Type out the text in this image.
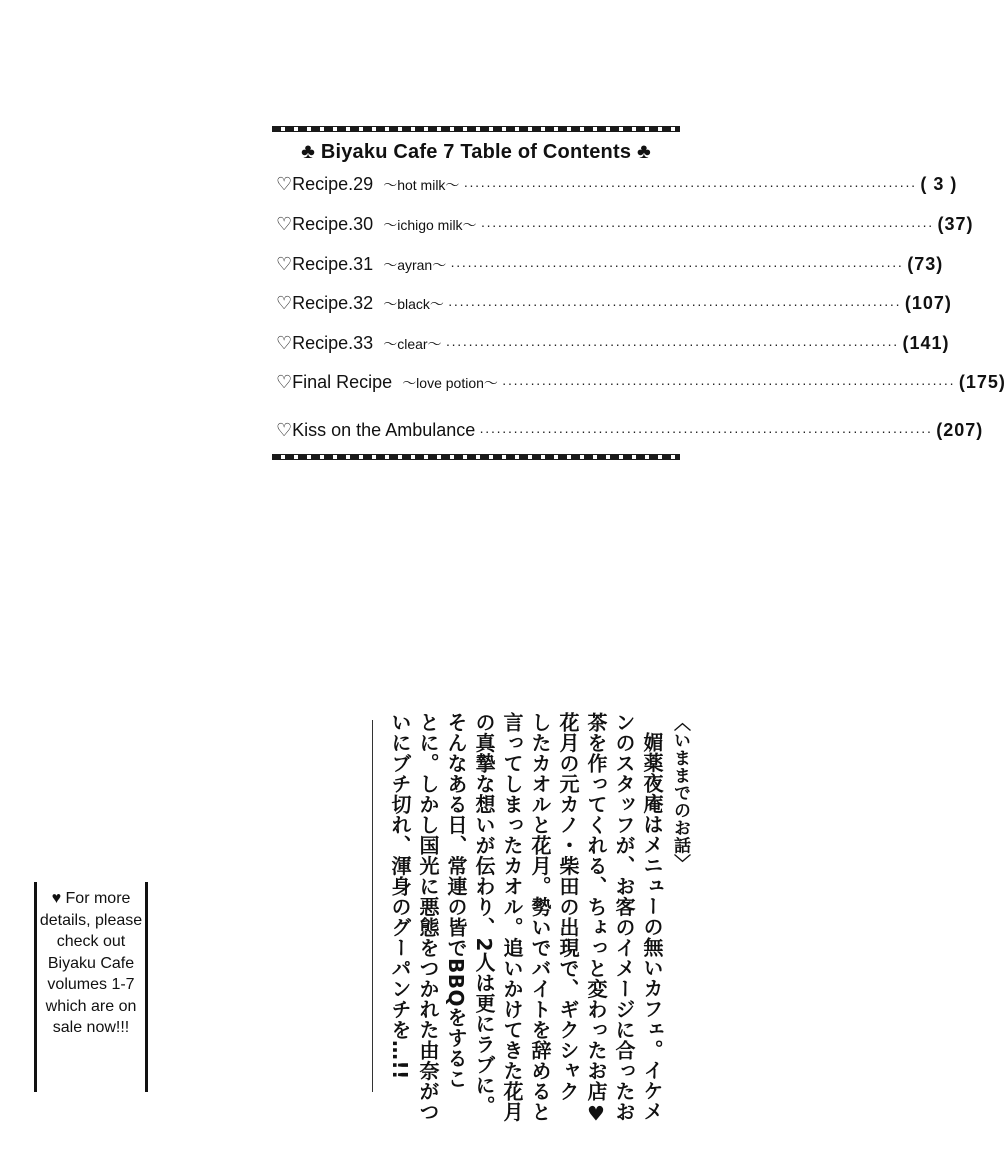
♣ Biyaku Cafe 7 Table of Contents ♣
♡ Recipe.29 〜hot milk〜 ················································································ ( 3 )
♡ Recipe.30 〜ichigo milk〜 ················································································ (37)
♡ Recipe.31 〜ayran〜 ················································································ (73)
♡ Recipe.32 〜black〜 ················································································ (107)
♡ Recipe.33 〜clear〜 ················································································ (141)
♡ Final Recipe 〜love potion〜 ················································································ (175)
♡ Kiss on the Ambulance ················································································ (207)
〈いままでのお話〉
媚薬夜庵はメニューの無いカフェ。イケメ
ンのスタッフが、お客のイメージに合ったお
茶を作ってくれる、ちょっと変わったお店♥
花月の元カノ・柴田の出現で、ギクシャク
したカオルと花月。勢いでバイトを辞めると
言ってしまったカオル。追いかけてきた花月
の真摯な想いが伝わり、2人は更にラブに。
そんなある日、常連の皆でBBQをするこ
とに。しかし国光に悪態をつかれた由奈がつ
いにブチ切れ、渾身のグーパンチを…!!
♥ For more details, please check out Biyaku Cafe volumes 1-7 which are on sale now!!!
